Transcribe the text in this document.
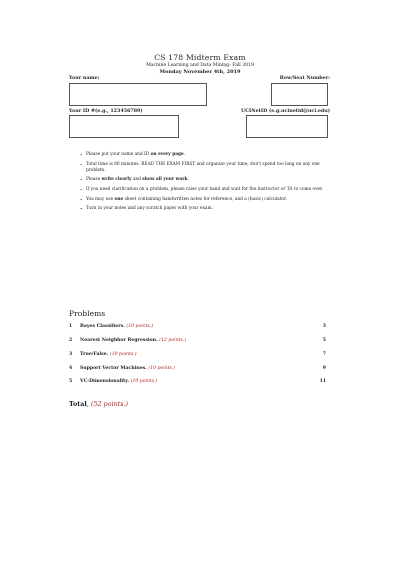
CS 178 Midterm Exam
Machine Learning and Data Mining: Fall 2019
Monday November 4th, 2019
Your name:	Row/Seat Number:
Your ID #(e.g., 123456789)	UCINetID (e.g.ucinetid@uci.edu)
• Please put your name and ID on every page.
• Total time is 80 minutes. READ THE EXAM FIRST and organize your time; don't spend too long on any one problem.
• Please write clearly and show all your work.
• If you need clarification on a problem, please raise your hand and wait for the instructor or TA to come over.
• You may use one sheet containing handwritten notes for reference, and a (basic) calculator.
• Turn in your notes and any scratch paper with your exam.
Problems
1 Bayes Classifiers. (10 points.)	3
2 Nearest Neighbor Regression. (12 points.)	5
3 True/False. (10 points.)	7
4 Support Vector Machines. (10 points.)	9
5 VC-Dimensionality. (10 points.)	11
Total, (52 points.)
